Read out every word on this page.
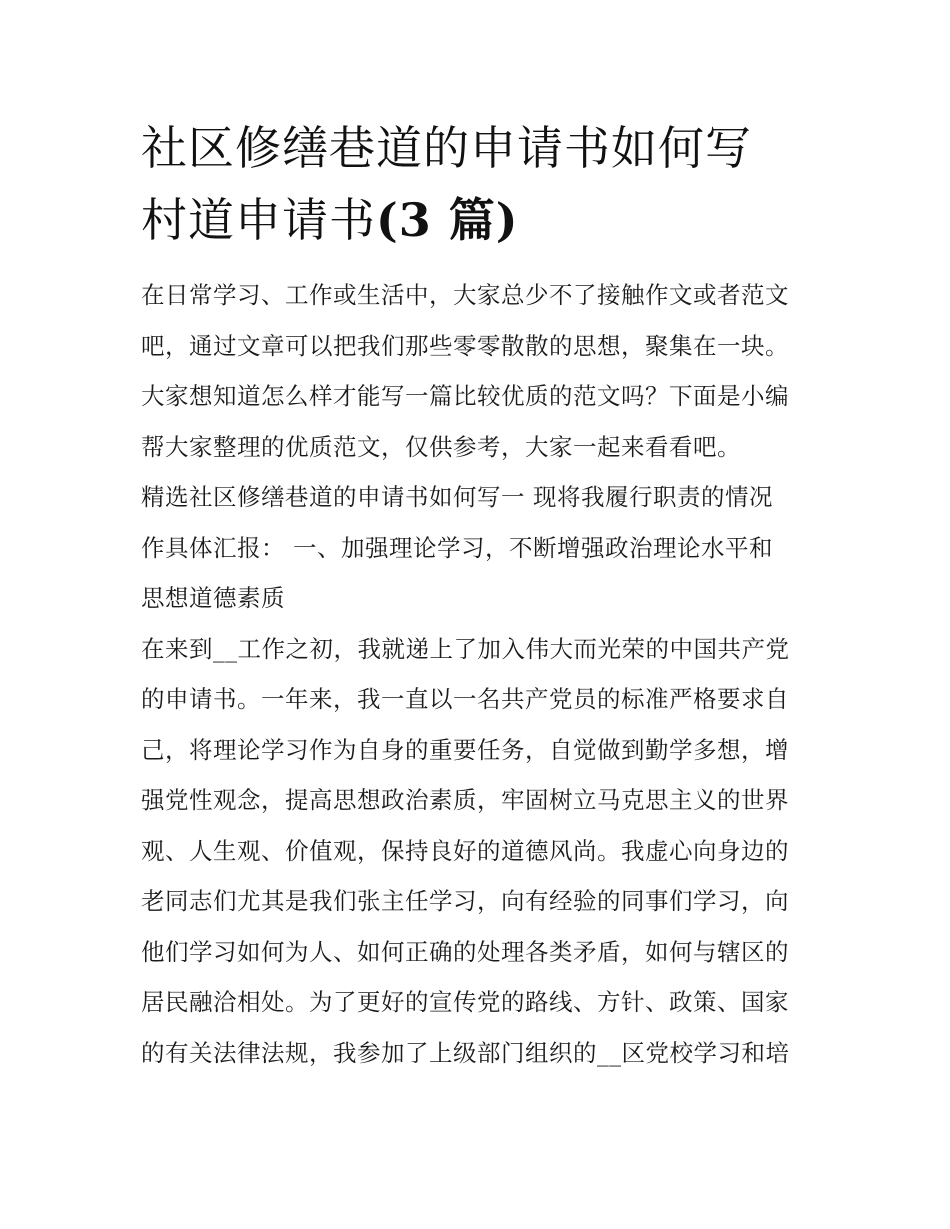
社区修缮巷道的申请书如何写
村道申请书(3 篇)
在日常学习、工作或生活中，大家总少不了接触作文或者范文
吧，通过文章可以把我们那些零零散散的思想，聚集在一块。
大家想知道怎么样才能写一篇比较优质的范文吗？下面是小编
帮大家整理的优质范文，仅供参考，大家一起来看看吧。
精选社区修缮巷道的申请书如何写一 现将我履行职责的情况
作具体汇报： 一、加强理论学习，不断增强政治理论水平和
思想道德素质
在来到__工作之初，我就递上了加入伟大而光荣的中国共产党
的申请书。一年来，我一直以一名共产党员的标准严格要求自
己，将理论学习作为自身的重要任务，自觉做到勤学多想，增
强党性观念，提高思想政治素质，牢固树立马克思主义的世界
观、人生观、价值观，保持良好的道德风尚。我虚心向身边的
老同志们尤其是我们张主任学习，向有经验的同事们学习，向
他们学习如何为人、如何正确的处理各类矛盾，如何与辖区的
居民融洽相处。为了更好的宣传党的路线、方针、政策、国家
的有关法律法规，我参加了上级部门组织的__区党校学习和培
